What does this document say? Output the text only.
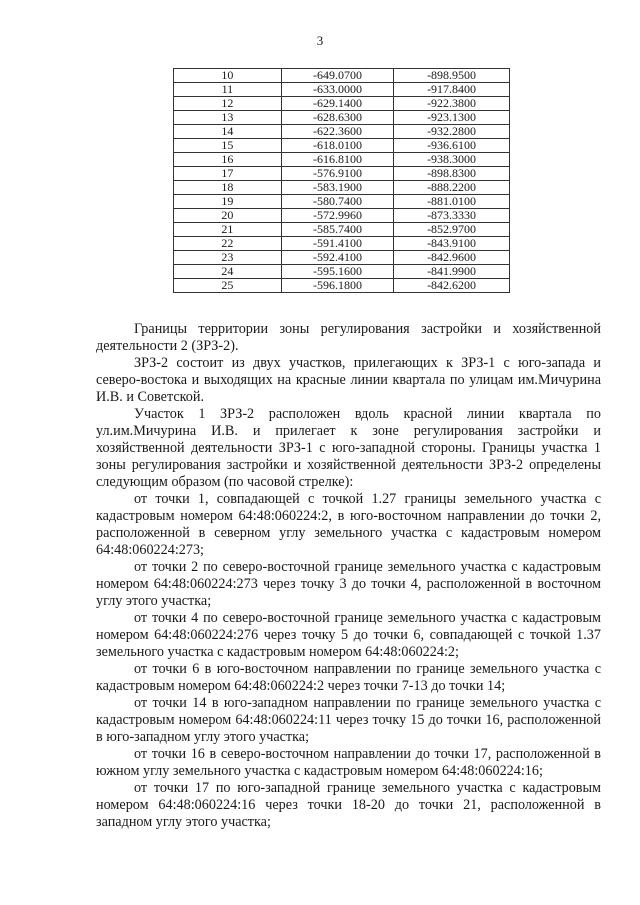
3
10	-649.0700	-898.9500
11	-633.0000	-917.8400
12	-629.1400	-922.3800
13	-628.6300	-923.1300
14	-622.3600	-932.2800
15	-618.0100	-936.6100
16	-616.8100	-938.3000
17	-576.9100	-898.8300
18	-583.1900	-888.2200
19	-580.7400	-881.0100
20	-572.9960	-873.3330
21	-585.7400	-852.9700
22	-591.4100	-843.9100
23	-592.4100	-842.9600
24	-595.1600	-841.9900
25	-596.1800	-842.6200

Границы территории зоны регулирования застройки и хозяйственной деятельности 2 (ЗРЗ-2).

ЗРЗ-2 состоит из двух участков, прилегающих к ЗРЗ-1 с юго-запада и северо-востока и выходящих на красные линии квартала по улицам им.Мичурина И.В. и Советской.

Участок 1 ЗРЗ-2 расположен вдоль красной линии квартала по ул.им.Мичурина И.В. и прилегает к зоне регулирования застройки и хозяйственной деятельности ЗРЗ-1 с юго-западной стороны. Границы участка 1 зоны регулирования застройки и хозяйственной деятельности ЗРЗ-2 определены следующим образом (по часовой стрелке):

от точки 1, совпадающей с точкой 1.27 границы земельного участка с кадастровым номером 64:48:060224:2, в юго-восточном направлении до точки 2, расположенной в северном углу земельного участка с кадастровым номером 64:48:060224:273;

от точки 2 по северо-восточной границе земельного участка с кадастровым номером 64:48:060224:273 через точку 3 до точки 4, расположенной в восточном углу этого участка;

от точки 4 по северо-восточной границе земельного участка с кадастровым номером 64:48:060224:276 через точку 5 до точки 6, совпадающей с точкой 1.37 земельного участка с кадастровым номером 64:48:060224:2;

от точки 6 в юго-восточном направлении по границе земельного участка с кадастровым номером 64:48:060224:2 через точки 7-13 до точки 14;

от точки 14 в юго-западном направлении по границе земельного участка с кадастровым номером 64:48:060224:11 через точку 15 до точки 16, расположенной в юго-западном углу этого участка;

от точки 16 в северо-восточном направлении до точки 17, расположенной в южном углу земельного участка с кадастровым номером 64:48:060224:16;

от точки 17 по юго-западной границе земельного участка с кадастровым номером 64:48:060224:16 через точки 18-20 до точки 21, расположенной в западном углу этого участка;
